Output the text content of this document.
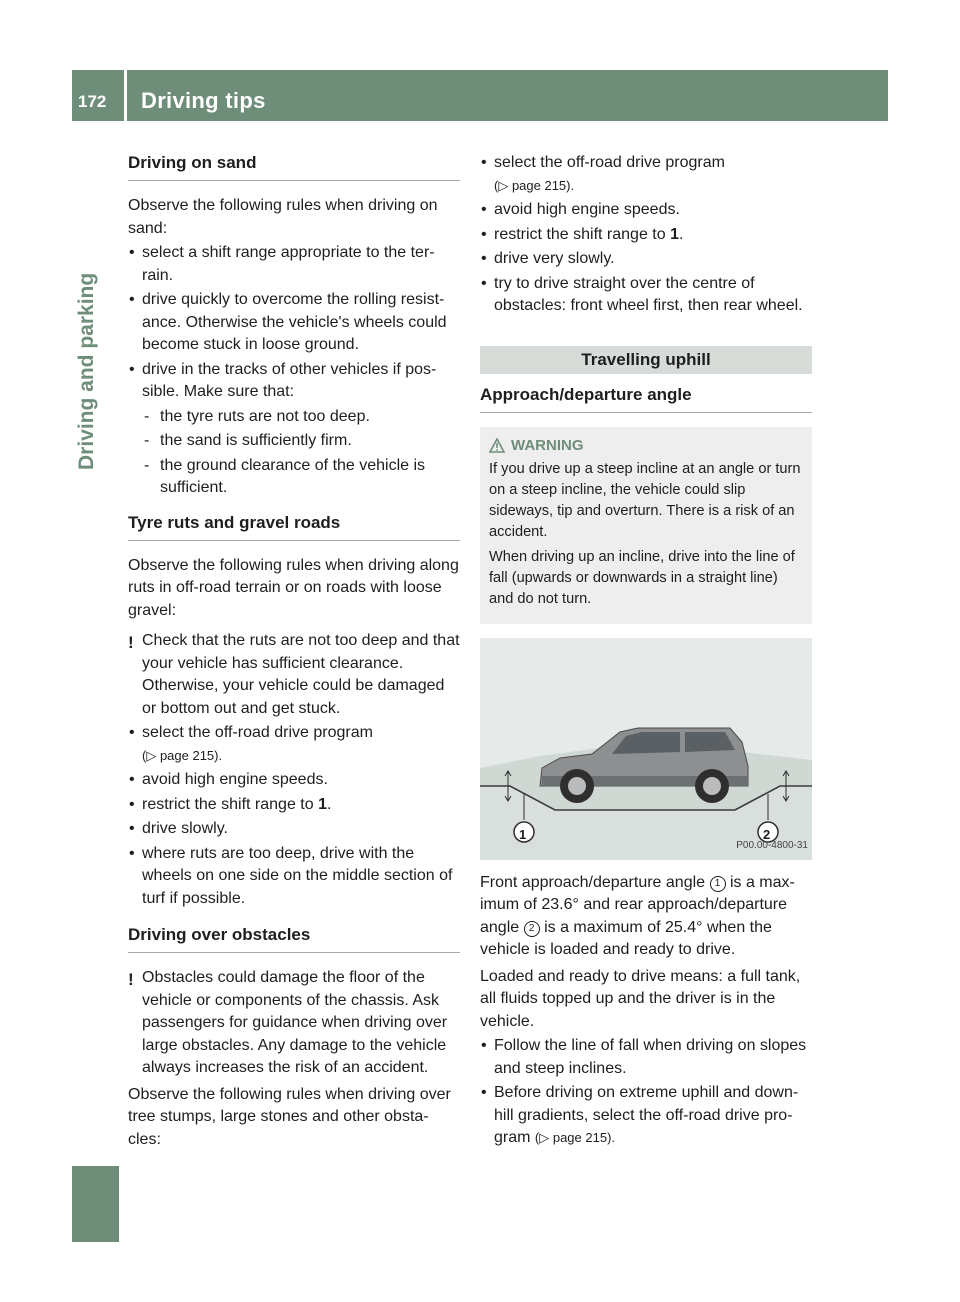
172 Driving tips
Driving and parking
Driving on sand

Observe the following rules when driving on sand:

• select a shift range appropriate to the ter-rain.
• drive quickly to overcome the rolling resist-ance. Otherwise the vehicle's wheels could become stuck in loose ground.
• drive in the tracks of other vehicles if pos-sible. Make sure that:
- the tyre ruts are not too deep.
- the sand is sufficiently firm.
- the ground clearance of the vehicle is sufficient.
Tyre ruts and gravel roads

Observe the following rules when driving along ruts in off-road terrain or on roads with loose gravel:

! Check that the ruts are not too deep and that your vehicle has sufficient clearance. Otherwise, your vehicle could be damaged or bottom out and get stuck.
• select the off-road drive program
(▷ page 215).
• avoid high engine speeds.
• restrict the shift range to 1.
• drive slowly.
• where ruts are too deep, drive with the wheels on one side on the middle section of turf if possible.
Driving over obstacles
! Obstacles could damage the floor of the vehicle or components of the chassis. Ask passengers for guidance when driving over large obstacles. Any damage to the vehicle always increases the risk of an accident.

Observe the following rules when driving over tree stumps, large stones and other obsta-cles:

• select the off-road drive program
(▷ page 215).
• avoid high engine speeds.
• restrict the shift range to 1.
• drive very slowly.
• try to drive straight over the centre of obstacles: front wheel first, then rear wheel.
Travelling uphill
Approach/departure angle
WARNING

If you drive up a steep incline at an angle or turn on a steep incline, the vehicle could slip sideways, tip and overturn. There is a risk of an accident.

When driving up an incline, drive into the line of fall (upwards or downwards in a straight line) and do not turn.

1	2
P00.00-4800-31

Front approach/departure angle 1 is a max-imum of 23.6° and rear approach/departure angle 2 is a maximum of 25.4° when the vehicle is loaded and ready to drive.

Loaded and ready to drive means: a full tank, all fluids topped up and the driver is in the vehicle.

• Follow the line of fall when driving on slopes and steep inclines.
• Before driving on extreme uphill and down-hill gradients, select the off-road drive pro-gram (▷ page 215).
